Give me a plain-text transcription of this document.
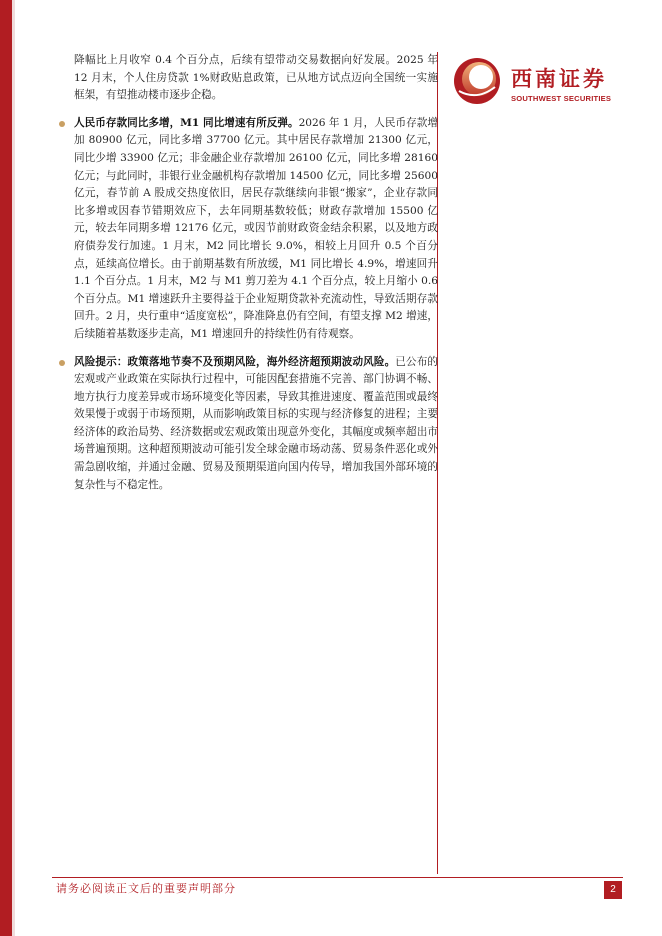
西南证券
SOUTHWEST SECURITIES

降幅比上月收窄 0.4 个百分点，后续有望带动交易数据向好发展。2025 年 12 月末，个人住房贷款 1%财政贴息政策，已从地方试点迈向全国统一实施框架，有望推动楼市逐步企稳。

人民币存款同比多增，M1 同比增速有所反弹。2026 年 1 月，人民币存款增加 80900 亿元，同比多增 37700 亿元。其中居民存款增加 21300 亿元，同比少增 33900 亿元；非金融企业存款增加 26100 亿元，同比多增 28160 亿元；与此同时，非银行业金融机构存款增加 14500 亿元，同比多增 25600 亿元，春节前 A 股成交热度依旧，居民存款继续向非银“搬家”，企业存款同比多增或因春节错期效应下，去年同期基数较低；财政存款增加 15500 亿元，较去年同期多增 12176 亿元，或因节前财政资金结余积累，以及地方政府债券发行加速。1 月末，M2 同比增长 9.0%，相较上月回升 0.5 个百分点，延续高位增长。由于前期基数有所放缓，M1 同比增长 4.9%，增速回升 1.1 个百分点。1 月末，M2 与 M1 剪刀差为 4.1 个百分点，较上月缩小 0.6 个百分点。M1 增速跃升主要得益于企业短期贷款补充流动性，导致活期存款回升。2 月，央行重申“适度宽松”，降准降息仍有空间，有望支撑 M2 增速，后续随着基数逐步走高，M1 增速回升的持续性仍有待观察。

风险提示：政策落地节奏不及预期风险，海外经济超预期波动风险。已公布的宏观或产业政策在实际执行过程中，可能因配套措施不完善、部门协调不畅、地方执行力度差异或市场环境变化等因素，导致其推进速度、覆盖范围或最终效果慢于或弱于市场预期，从而影响政策目标的实现与经济修复的进程；主要经济体的政治局势、经济数据或宏观政策出现意外变化，其幅度或频率超出市场普遍预期。这种超预期波动可能引发全球金融市场动荡、贸易条件恶化或外需急剧收缩，并通过金融、贸易及预期渠道向国内传导，增加我国外部环境的复杂性与不稳定性。

请务必阅读正文后的重要声明部分	2
